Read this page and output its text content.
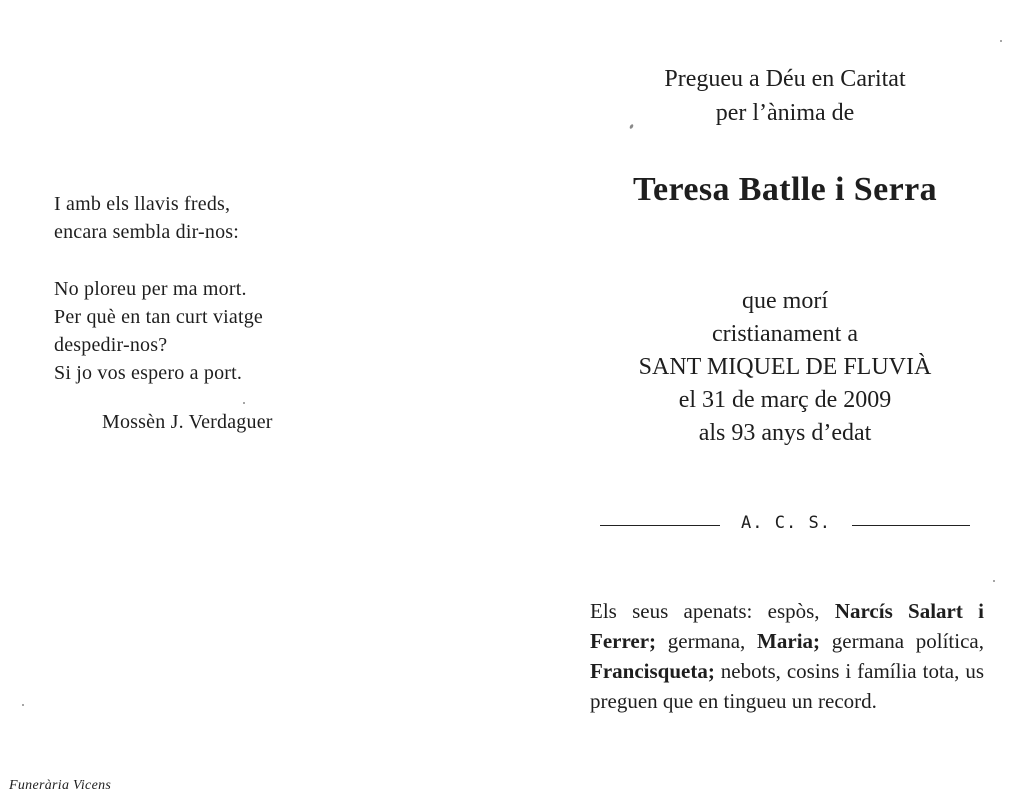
I amb els llavis freds,
encara sembla dir-nos:

No ploreu per ma mort.
Per què en tan curt viatge
despedir-nos?
Si jo vos espero a port.

Mossèn J. Verdaguer
Funerària Vicens
Pregueu a Déu en Caritat
per l’ànima de
Teresa Batlle i Serra
que morí
cristianament a
SANT MIQUEL DE FLUVIÀ
el 31 de març de 2009
als 93 anys d’edat
A. C. S.
Els seus apenats: espòs, Narcís Salart i Ferrer; germana, Maria; germana política, Francisqueta; nebots, cosins i família tota, us preguen que en tingueu un record.
